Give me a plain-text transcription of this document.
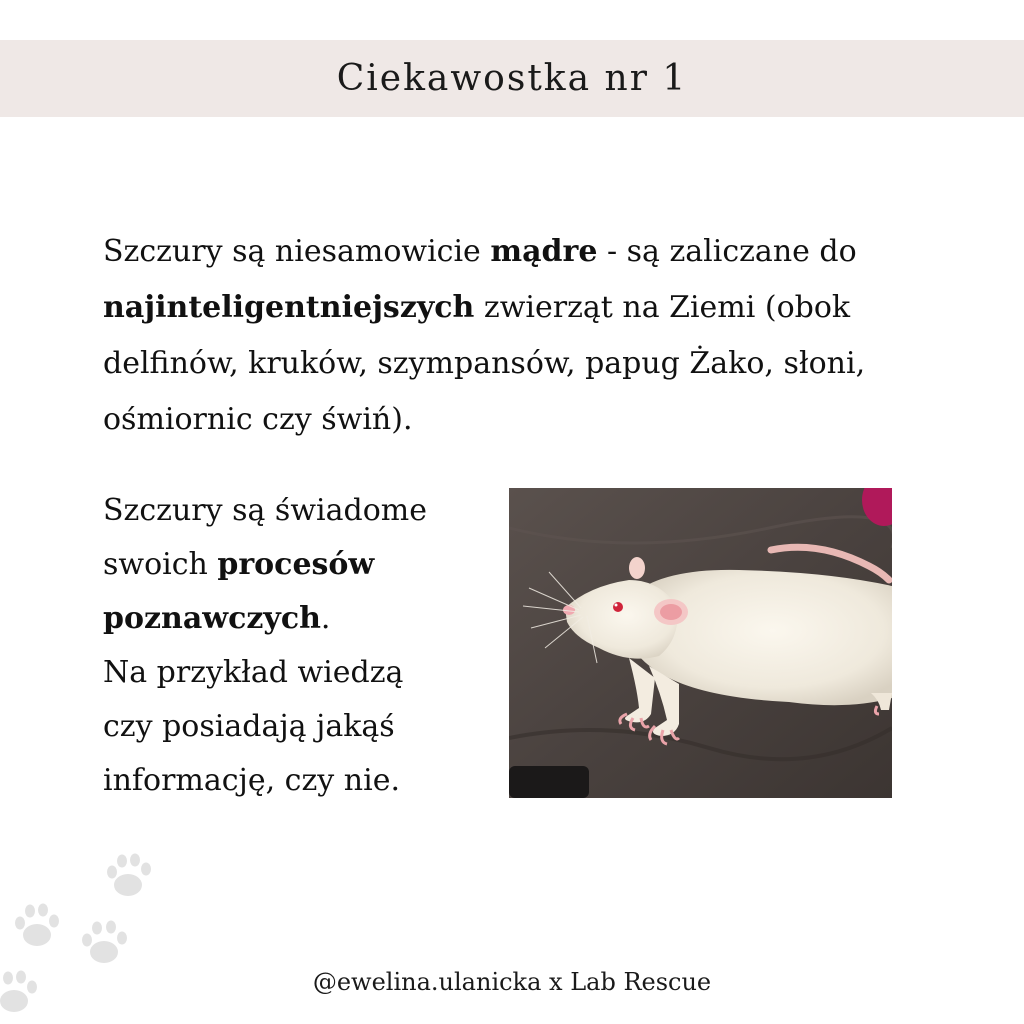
Ciekawostka nr 1

Szczury są niesamowicie mądre - są zaliczane do najinteligentniejszych zwierząt na Ziemi (obok delfinów, kruków, szympansów, papug Żako, słoni, ośmiornic czy świń).

Szczury są świadome
swoich procesów
poznawczych.
Na przykład wiedzą
czy posiadają jakąś
informację, czy nie.

@ewelina.ulanicka x Lab Rescue
